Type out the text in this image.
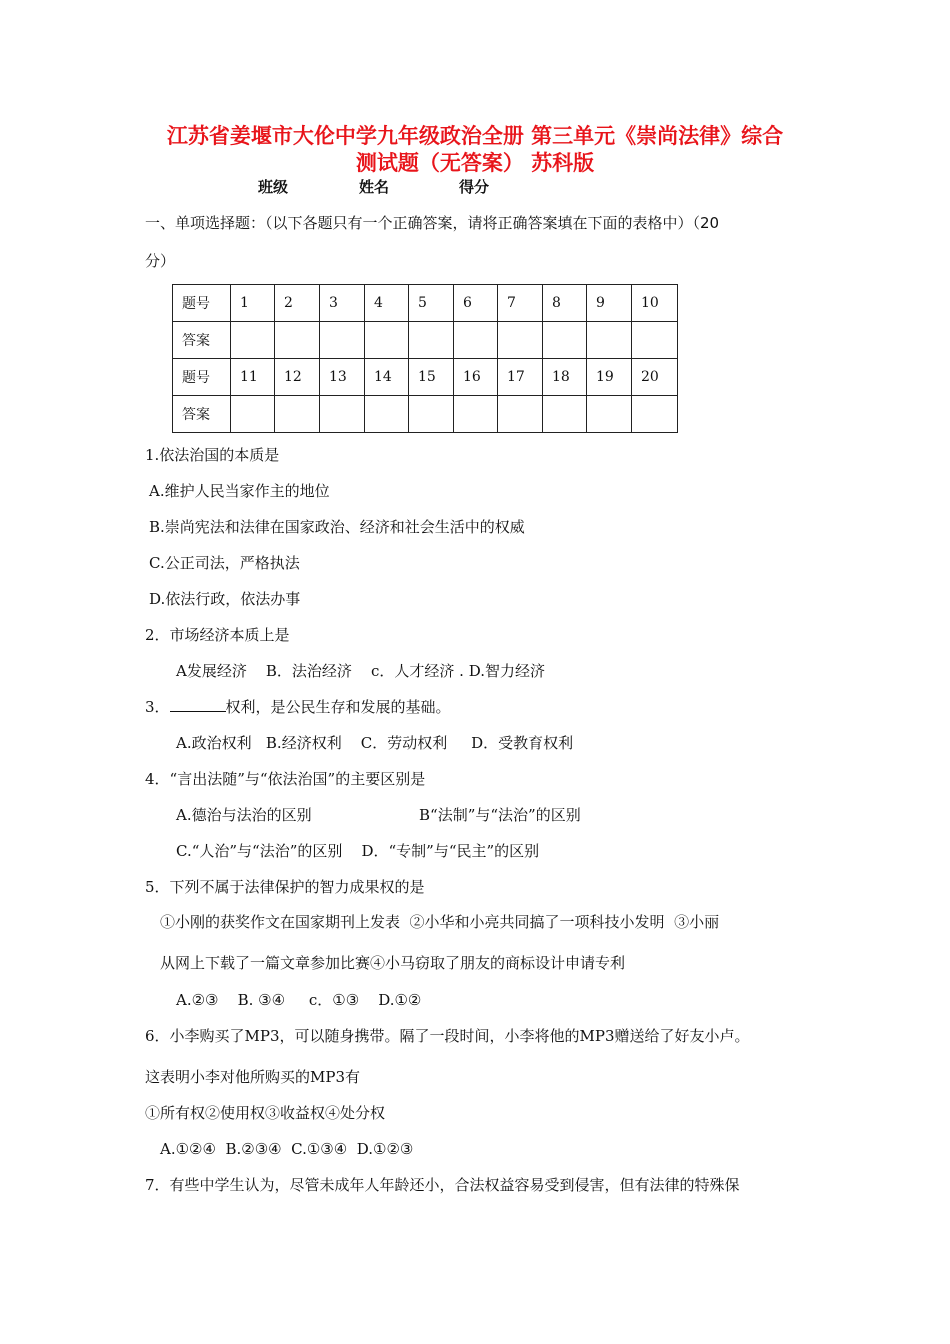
江苏省姜堰市大伦中学九年级政治全册 第三单元《崇尚法律》综合
测试题（无答案） 苏科版
班级	姓名	得分
一、单项选择题：（以下各题只有一个正确答案，请将正确答案填在下面的表格中）（20
分）
题号	1	2	3	4	5	6	7	8	9	10
答案										
题号	11	12	13	14	15	16	17	18	19	20
答案										
1.依法治国的本质是
A.维护人民当家作主的地位
B.崇尚宪法和法律在国家政治、经济和社会生活中的权威
C.公正司法，严格执法
D.依法行政，依法办事
2．市场经济本质上是
A发展经济    B．法治经济    c．人才经济 . D.智力经济
3．	权利，是公民生存和发展的基础。
A.政治权利   B.经济权利    C．劳动权利     D．受教育权利
4．“言出法随”与“依法治国”的主要区别是
A.德治与法治的区别	B“法制”与“法治”的区别
C.“人治”与“法治”的区别    D．“专制”与“民主”的区别
5．下列不属于法律保护的智力成果权的是
①小刚的获奖作文在国家期刊上发表  ②小华和小亮共同搞了一项科技小发明  ③小丽
从网上下载了一篇文章参加比赛④小马窃取了朋友的商标设计申请专利
A.②③    B. ③④     c．①③    D.①②
6．小李购买了MP3，可以随身携带。隔了一段时间，小李将他的MP3赠送给了好友小卢。
这表明小李对他所购买的MP3有
①所有权②使用权③收益权④处分权
A.①②④  B.②③④  C.①③④  D.①②③
7．有些中学生认为，尽管未成年人年龄还小，合法权益容易受到侵害，但有法律的特殊保
